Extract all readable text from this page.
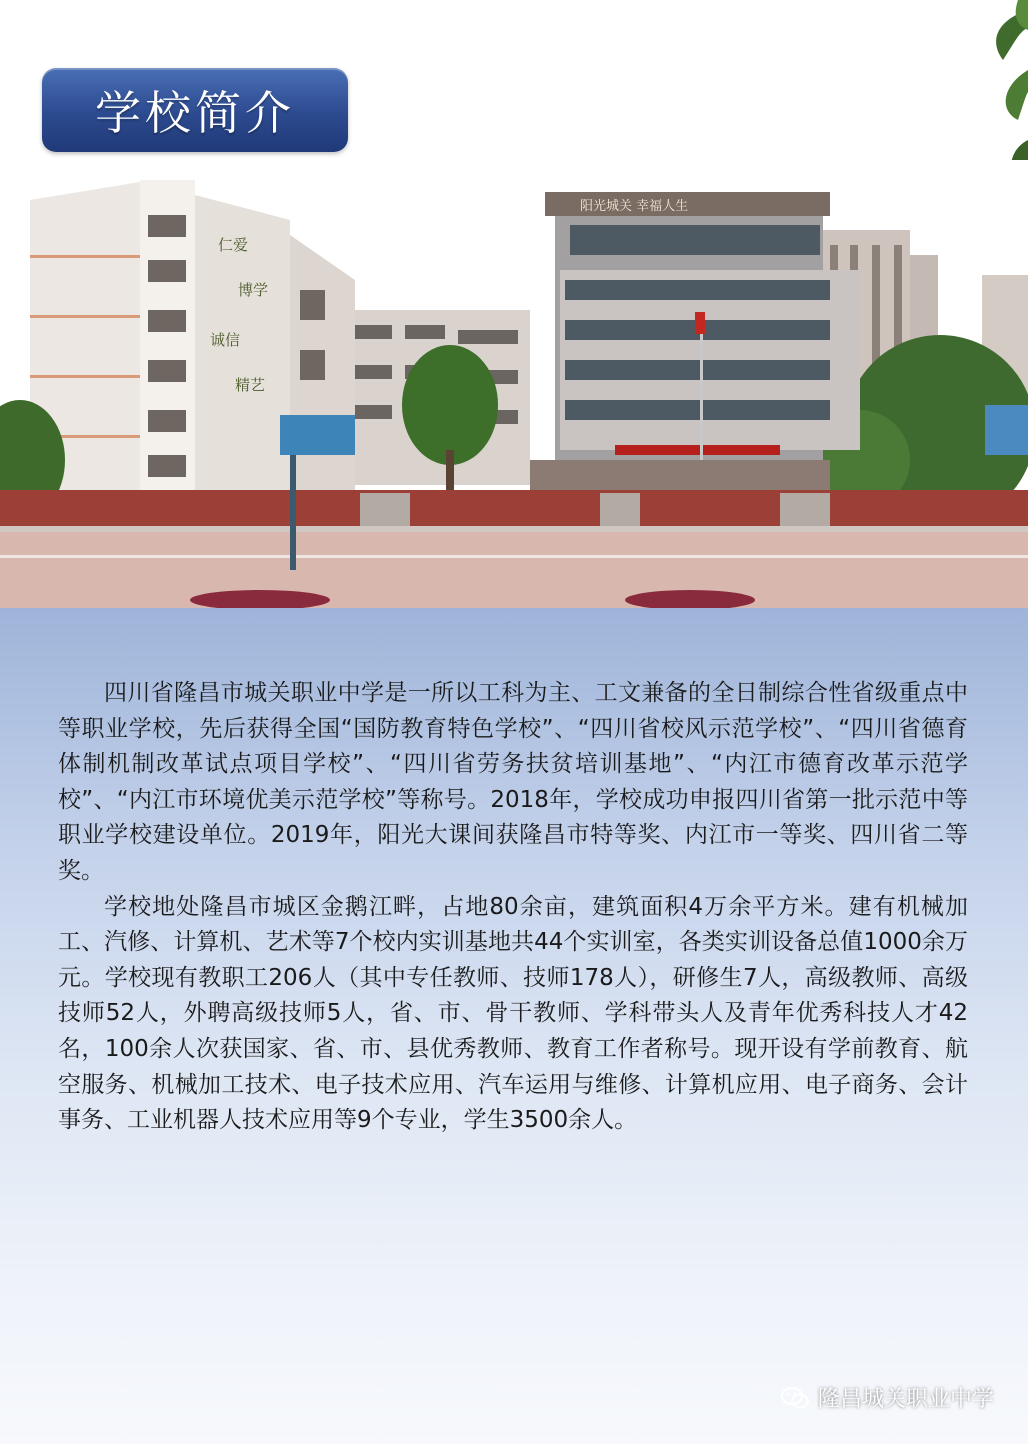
学校简介
仁爱
博学
诚信
精艺
阳光城关 幸福人生

四川省隆昌市城关职业中学是一所以工科为主、工文兼备的全日制综合性省级重点中等职业学校，先后获得全国“国防教育特色学校”、“四川省校风示范学校”、“四川省德育体制机制改革试点项目学校”、“四川省劳务扶贫培训基地”、“内江市德育改革示范学校”、“内江市环境优美示范学校”等称号。2018年，学校成功申报四川省第一批示范中等职业学校建设单位。2019年，阳光大课间获隆昌市特等奖、内江市一等奖、四川省二等奖。

学校地处隆昌市城区金鹅江畔，占地80余亩，建筑面积4万余平方米。建有机械加工、汽修、计算机、艺术等7个校内实训基地共44个实训室，各类实训设备总值1000余万元。学校现有教职工206人（其中专任教师、技师178人），研修生7人，高级教师、高级技师52人，外聘高级技师5人，省、市、骨干教师、学科带头人及青年优秀科技人才42名，100余人次获国家、省、市、县优秀教师、教育工作者称号。现开设有学前教育、航空服务、机械加工技术、电子技术应用、汽车运用与维修、计算机应用、电子商务、会计事务、工业机器人技术应用等9个专业，学生3500余人。

隆昌城关职业中学
